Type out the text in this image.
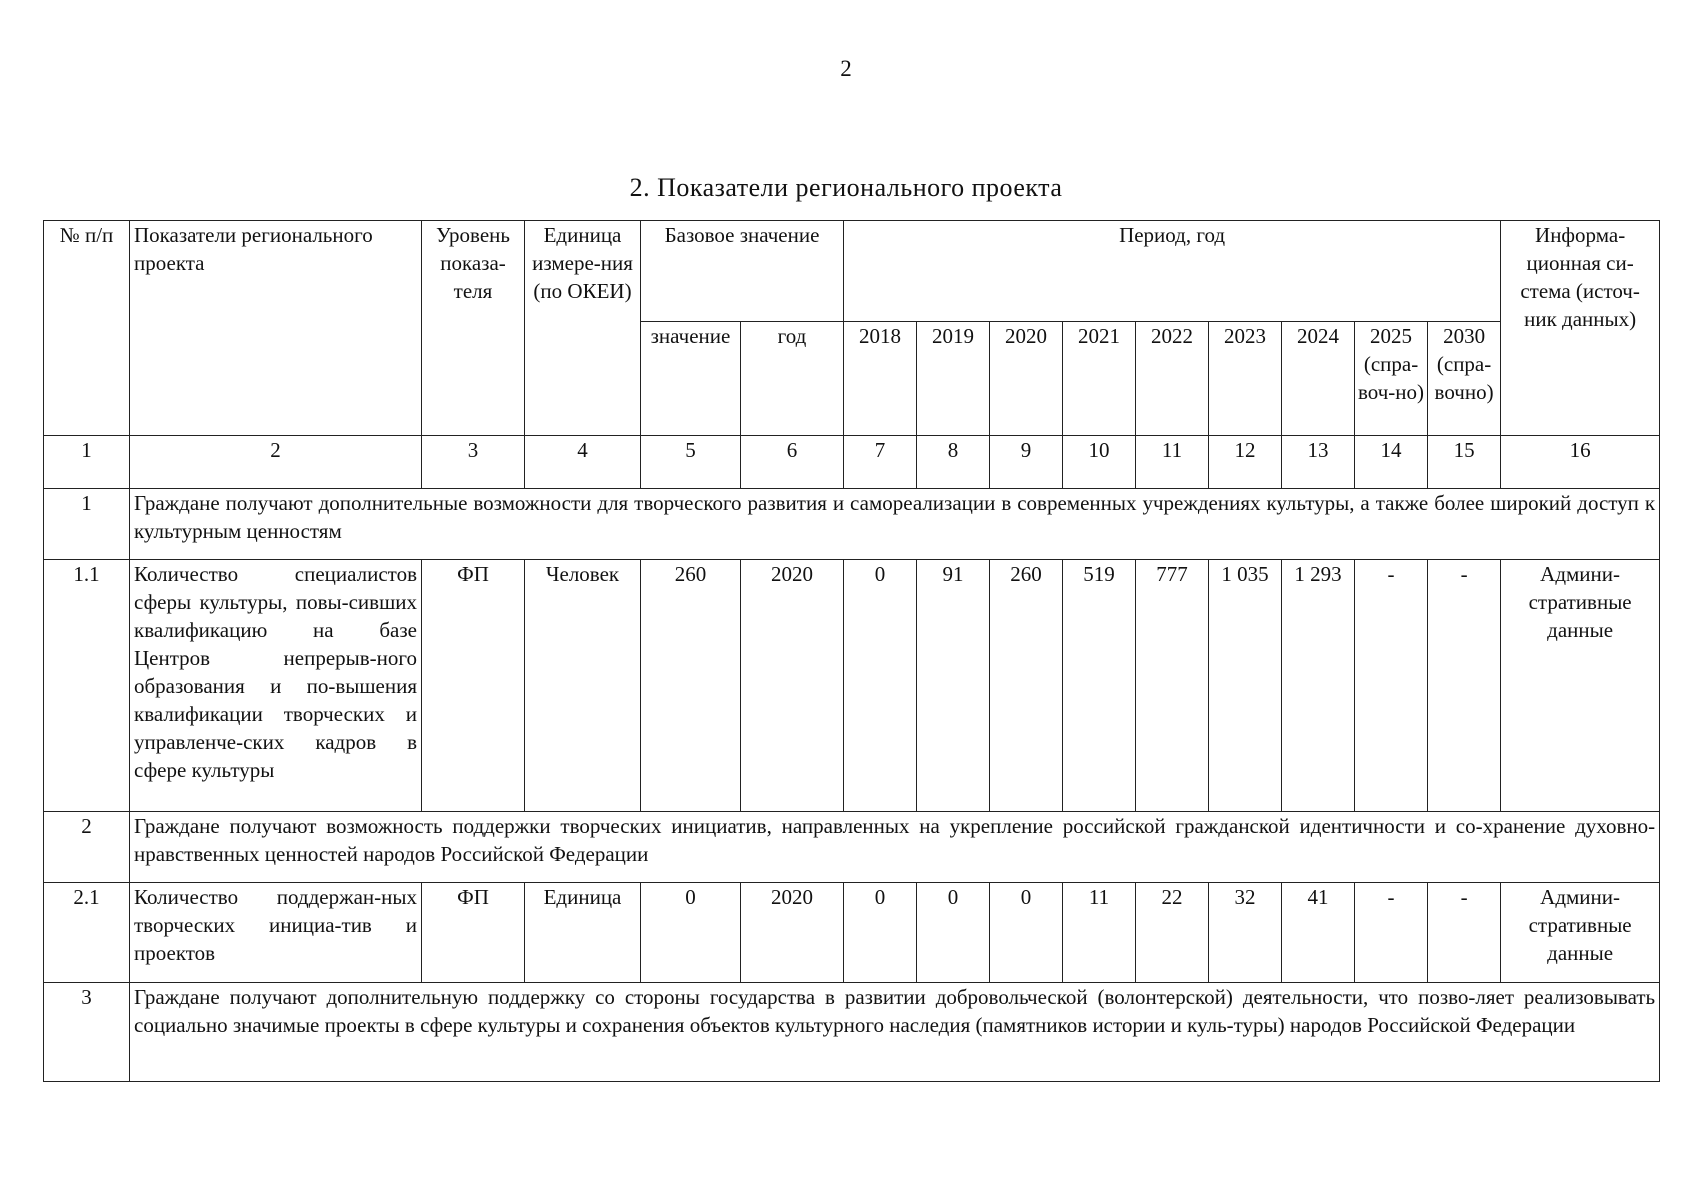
2
2. Показатели регионального проекта
№ п/п	Показатели регионального проекта	Уровень показа-теля	Единица измере-ния (по ОКЕИ)	Базовое значение		Период, год									Информа-ционная си-стема (источ-ник данных)
				значение	год	2018	2019	2020	2021	2022	2023	2024	2025 (спра-воч-но)	2030 (спра-вочно)	
1	2	3	4	5	6	7	8	9	10	11	12	13	14	15	16
1	Граждане получают дополнительные возможности для творческого развития и самореализации в современных учреждениях культуры, а также более широкий доступ к культурным ценностям														
1.1	Количество специалистов сферы культуры, повы-сивших квалификацию на базе Центров непрерыв-ного образования и по-вышения квалификации творческих и управленче-ских кадров в сфере культуры	ФП	Человек	260	2020	0	91	260	519	777	1 035	1 293	-	-	Админи-стративные данные
2	Граждане получают возможность поддержки творческих инициатив, направленных на укрепление российской гражданской идентичности и со-хранение духовно-нравственных ценностей народов Российской Федерации														
2.1	Количество поддержан-ных творческих инициа-тив и проектов	ФП	Единица	0	2020	0	0	0	11	22	32	41	-	-	Админи-стративные данные
3	Граждане получают дополнительную поддержку со стороны государства в развитии добровольческой (волонтерской) деятельности, что позво-ляет реализовывать социально значимые проекты в сфере культуры и сохранения объектов культурного наследия (памятников истории и куль-туры) народов Российской Федерации														
